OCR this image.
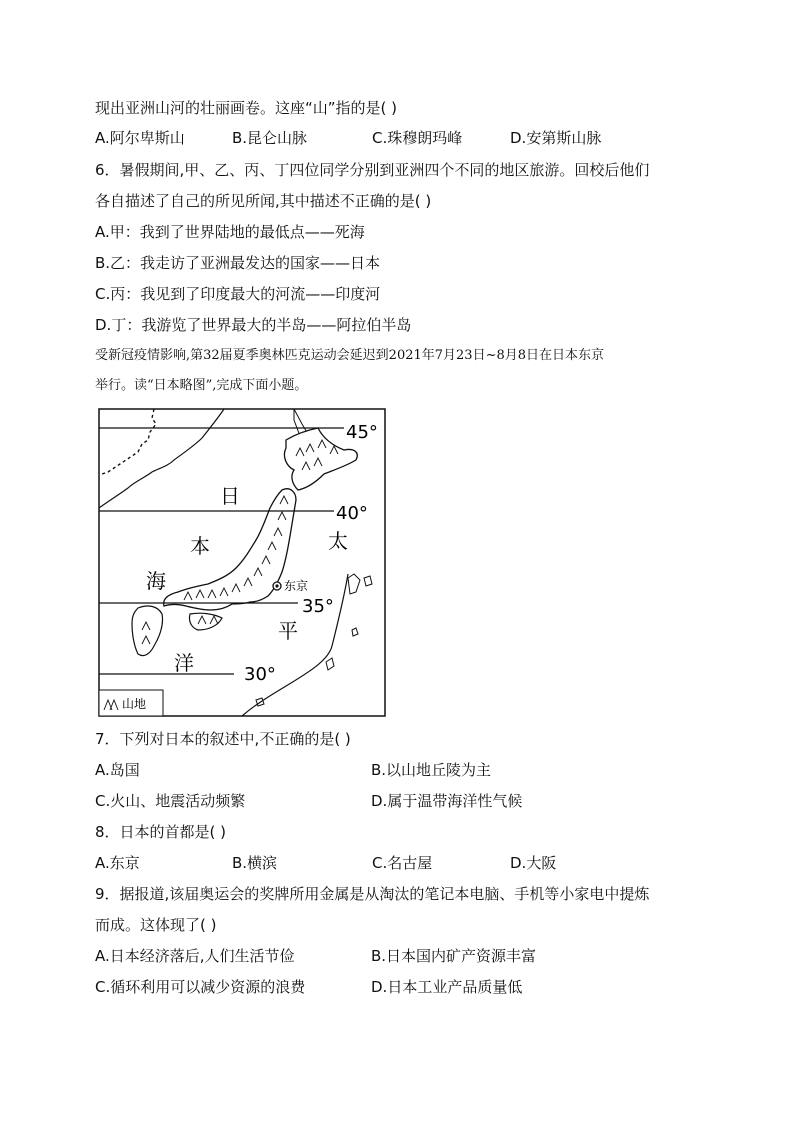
现出亚洲山河的壮丽画卷。这座“山”指的是( )
A.阿尔卑斯山	B.昆仑山脉	C.珠穆朗玛峰	D.安第斯山脉
6．暑假期间,甲、乙、丙、丁四位同学分别到亚洲四个不同的地区旅游。回校后他们
各自描述了自己的所见所闻,其中描述不正确的是( )
A.甲：我到了世界陆地的最低点——死海
B.乙：我走访了亚洲最发达的国家——日本
C.丙：我见到了印度最大的河流——印度河
D.丁：我游览了世界最大的半岛——阿拉伯半岛
受新冠疫情影响,第32届夏季奥林匹克运动会延迟到2021年7月23日~8月8日在日本东京
举行。读“日本略图”,完成下面小题。
45°
40°
35°
30°
日
本
海
太
平
洋
东京
山地
7．下列对日本的叙述中,不正确的是( )
A.岛国	B.以山地丘陵为主
C.火山、地震活动频繁	D.属于温带海洋性气候
8．日本的首都是( )
A.东京	B.横滨	C.名古屋	D.大阪
9．据报道,该届奥运会的奖牌所用金属是从淘汰的笔记本电脑、手机等小家电中提炼
而成。这体现了( )
A.日本经济落后,人们生活节俭	B.日本国内矿产资源丰富
C.循环利用可以减少资源的浪费	D.日本工业产品质量低
